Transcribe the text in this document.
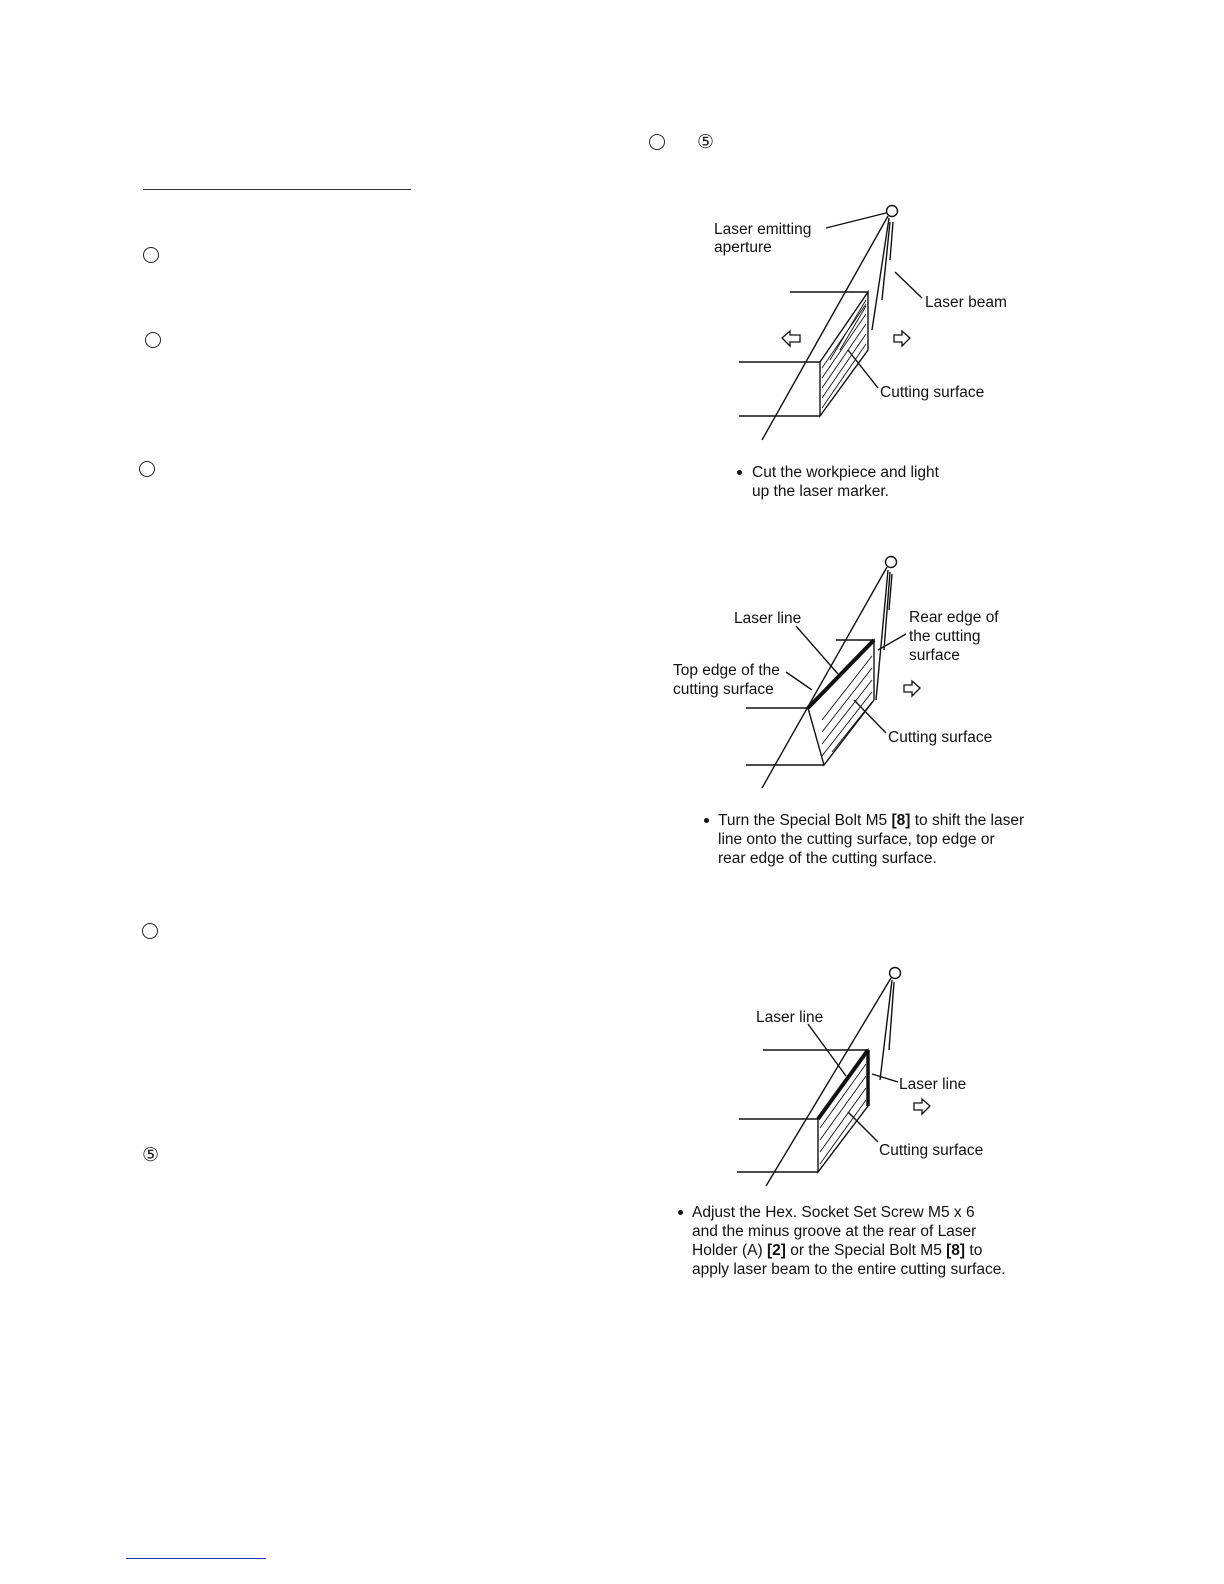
⑤
⑤
Laser emitting
aperture
Laser beam
Cutting surface
Cut the workpiece and light
up the laser marker.
Laser line	Rear edge of
the cutting
surface
Top edge of the
cutting surface
Cutting surface
Turn the Special Bolt M5 [8] to shift the laser
line onto the cutting surface, top edge or
rear edge of the cutting surface.
Laser line
Laser line
Cutting surface
Adjust the Hex. Socket Set Screw M5 x 6
and the minus groove at the rear of Laser
Holder (A) [2] or the Special Bolt M5 [8] to
apply laser beam to the entire cutting surface.
